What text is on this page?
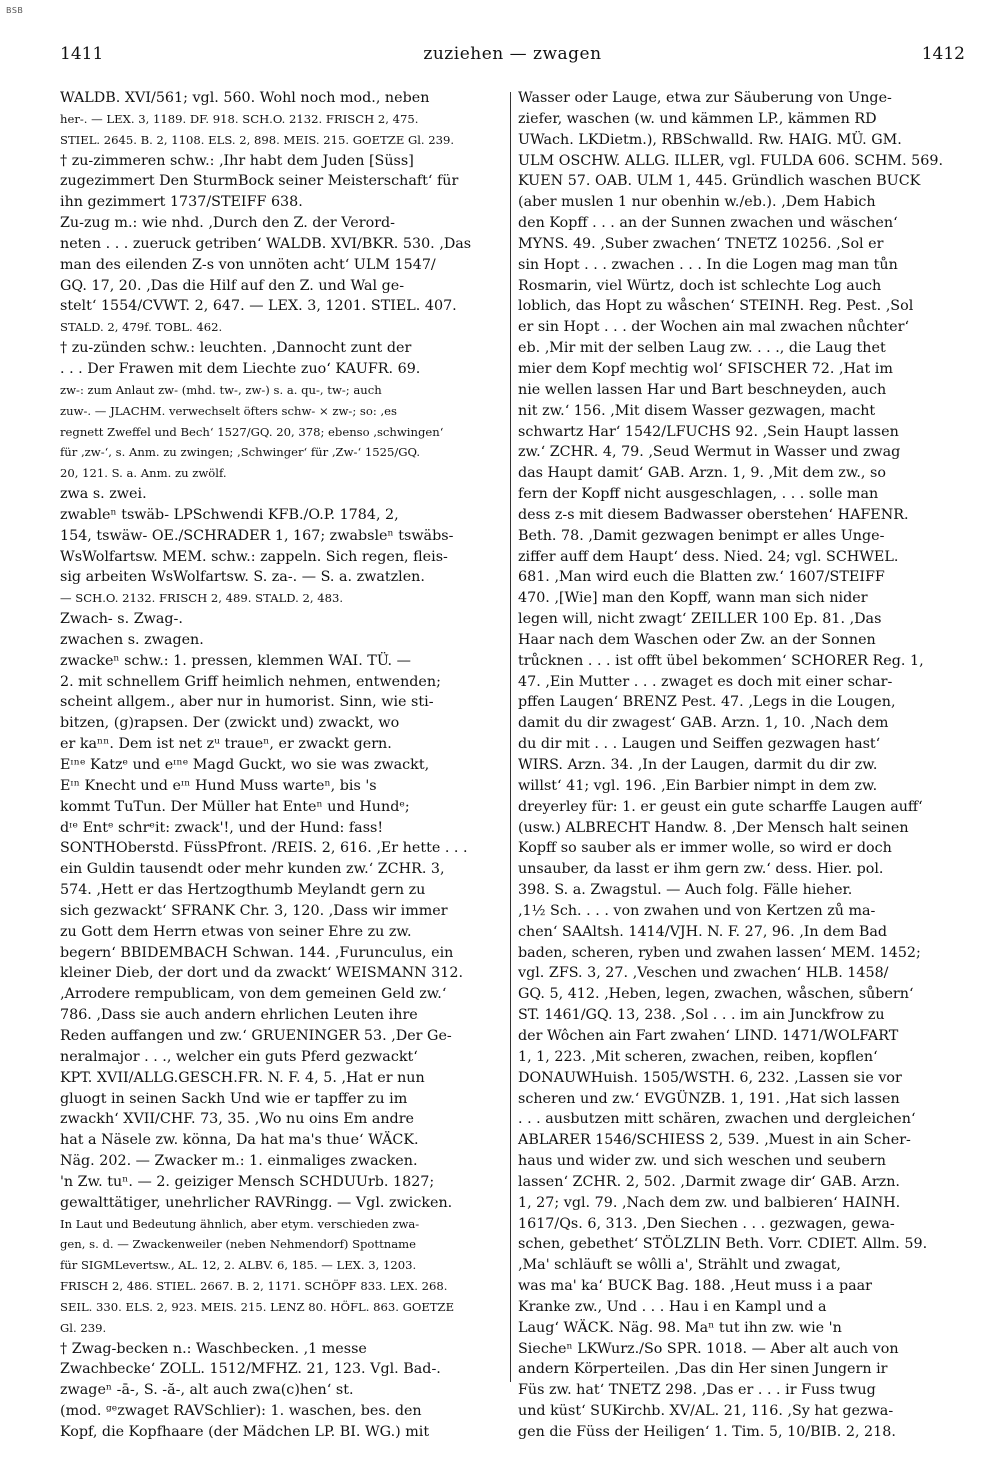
BSB
1411	zuziehen — zwagen	1412
WALDB. XVI/561; vgl. 560. Wohl noch mod., neben
her-. — LEX. 3, 1189. DF. 918. SCH.O. 2132. FRISCH 2, 475.
STIEL. 2645. B. 2, 1108. ELS. 2, 898. MEIS. 215. GOETZE Gl. 239.
† zu-zimmeren schw.: ‚Ihr habt dem Juden [Süss]
zugezimmert Den SturmBock seiner Meisterschaft‘ für
ihn gezimmert 1737/STEIFF 638.
Zu-zug m.: wie nhd. ‚Durch den Z. der Verord-
neten . . . zueruck getriben‘ WALDB. XVI/BKR. 530. ‚Das
man des eilenden Z-s von unnöten acht‘ ULM 1547/
GQ. 17, 20. ‚Das die Hilf auf den Z. und Wal ge-
stelt‘ 1554/CVWT. 2, 647. — LEX. 3, 1201. STIEL. 407.
STALD. 2, 479f. TOBL. 462.
† zu-zünden schw.: leuchten. ‚Dannocht zunt der
. . . Der Frawen mit dem Liechte zuo‘ KAUFR. 69.
zw-: zum Anlaut zw- (mhd. tw-, zw-) s. a. qu-, tw-; auch
zuw-. — JLACHM. verwechselt öfters schw- × zw-; so: ‚es
regnett Zweffel und Bech‘ 1527/GQ. 20, 378; ebenso ‚schwingen‘
für ‚zw-‘, s. Anm. zu zwingen; ‚Schwinger‘ für ‚Zw-‘ 1525/GQ.
20, 121. S. a. Anm. zu zwölf.
zwa s. zwei.
zwableⁿ tswäb- LPSchwendi KFB./O.P. 1784, 2,
154, tswäw- OE./SCHRADER 1, 167; zwabsleⁿ tswäbs-
WsWolfartsw. MEM. schw.: zappeln. Sich regen, fleis-
sig arbeiten WsWolfartsw. S. za-. — S. a. zwatzlen.
— SCH.O. 2132. FRISCH 2, 489. STALD. 2, 483.
Zwach- s. Zwag-.
zwachen s. zwagen.
zwackeⁿ schw.: 1. pressen, klemmen WAI. TÜ. —
2. mit schnellem Griff heimlich nehmen, entwenden;
scheint allgem., aber nur in humorist. Sinn, wie sti-
bitzen, (g)rapsen. Der (zwickt und) zwackt, wo
er kaⁿⁿ. Dem ist net zᵘ traueⁿ, er zwackt gern.
Eᶦⁿᵉ Katzᵉ und eᶦⁿᵉ Magd Guckt, wo sie was zwackt,
Eᶦⁿ Knecht und eᶦⁿ Hund Muss warteⁿ, bis 's
kommt TuTun. Der Müller hat Enteⁿ und Hundᵉ;
dᶦᵉ Entᵉ schrᵉit: zwack'!, und der Hund: fass!
SONTHOberstd. FüssPfront. /REIS. 2, 616. ‚Er hette . . .
ein Guldin tausendt oder mehr kunden zw.‘ ZCHR. 3,
574. ‚Hett er das Hertzogthumb Meylandt gern zu
sich gezwackt‘ SFRANK Chr. 3, 120. ‚Dass wir immer
zu Gott dem Herrn etwas von seiner Ehre zu zw.
begern‘ BBIDEMBACH Schwan. 144. ‚Furunculus, ein
kleiner Dieb, der dort und da zwackt‘ WEISMANN 312.
‚Arrodere rempublicam, von dem gemeinen Geld zw.‘
786. ‚Dass sie auch andern ehrlichen Leuten ihre
Reden auffangen und zw.‘ GRUENINGER 53. ‚Der Ge-
neralmajor . . ., welcher ein guts Pferd gezwackt‘
KPT. XVII/ALLG.GESCH.FR. N. F. 4, 5. ‚Hat er nun
gluogt in seinen Sackh Und wie er tapffer zu im
zwackh‘ XVII/CHF. 73, 35. ‚Wo nu oins Em andre
hat a Näsele zw. könna, Da hat ma's thue‘ WÄCK.
Näg. 202. — Zwacker m.: 1. einmaliges zwacken.
'n Zw. tuⁿ. — 2. geiziger Mensch SCHDUUrb. 1827;
gewalttätiger, unehrlicher RAVRingg. — Vgl. zwicken.
In Laut und Bedeutung ähnlich, aber etym. verschieden zwa-
gen, s. d. — Zwackenweiler (neben Nehmendorf) Spottname
für SIGMLevertsw., AL. 12, 2. ALBV. 6, 185. — LEX. 3, 1203.
FRISCH 2, 486. STIEL. 2667. B. 2, 1171. SCHÖPF 833. LEX. 268.
SEIL. 330. ELS. 2, 923. MEIS. 215. LENZ 80. HÖFL. 863. GOETZE
Gl. 239.
† Zwag-becken n.: Waschbecken. ‚1 messe
Zwachbecke‘ ZOLL. 1512/MFHZ. 21, 123. Vgl. Bad-.
zwageⁿ -ā-, S. -ă-, alt auch zwa(c)hen‘ st.
(mod. ᵍᵉzwaget RAVSchlier): 1. waschen, bes. den
Kopf, die Kopfhaare (der Mädchen LP. BI. WG.) mit
Wasser oder Lauge, etwa zur Säuberung von Unge-
ziefer, waschen (w. und kämmen LP., kämmen RD
UWach. LKDietm.), RBSchwalld. Rw. HAIG. MÜ. GM.
ULM OSCHW. ALLG. ILLER, vgl. FULDA 606. SCHM. 569.
KUEN 57. OAB. ULM 1, 445. Gründlich waschen BUCK
(aber muslen 1 nur obenhin w./eb.). ‚Dem Habich
den Kopff . . . an der Sunnen zwachen und wäschen‘
MYNS. 49. ‚Suber zwachen‘ TNETZ 10256. ‚Sol er
sin Hopt . . . zwachen . . . In die Logen mag man tůn
Rosmarin, viel Würtz, doch ist schlechte Log auch
loblich, das Hopt zu wåschen‘ STEINH. Reg. Pest. ‚Sol
er sin Hopt . . . der Wochen ain mal zwachen nůchter‘
eb. ‚Mir mit der selben Laug zw. . . ., die Laug thet
mier dem Kopf mechtig wol‘ SFISCHER 72. ‚Hat im
nie wellen lassen Har und Bart beschneyden, auch
nit zw.‘ 156. ‚Mit disem Wasser gezwagen, macht
schwartz Har‘ 1542/LFUCHS 92. ‚Sein Haupt lassen
zw.‘ ZCHR. 4, 79. ‚Seud Wermut in Wasser und zwag
das Haupt damit‘ GAB. Arzn. 1, 9. ‚Mit dem zw., so
fern der Kopff nicht ausgeschlagen, . . . solle man
dess z-s mit diesem Badwasser oberstehen‘ HAFENR.
Beth. 78. ‚Damit gezwagen benimpt er alles Unge-
ziffer auff dem Haupt‘ dess. Nied. 24; vgl. SCHWEL.
681. ‚Man wird euch die Blatten zw.‘ 1607/STEIFF
470. ‚[Wie] man den Kopff, wann man sich nider
legen will, nicht zwagt‘ ZEILLER 100 Ep. 81. ‚Das
Haar nach dem Waschen oder Zw. an der Sonnen
trůcknen . . . ist offt übel bekommen‘ SCHORER Reg. 1,
47. ‚Ein Mutter . . . zwaget es doch mit einer schar-
pffen Laugen‘ BRENZ Pest. 47. ‚Legs in die Lougen,
damit du dir zwagest‘ GAB. Arzn. 1, 10. ‚Nach dem
du dir mit . . . Laugen und Seiffen gezwagen hast‘
WIRS. Arzn. 34. ‚In der Laugen, darmit du dir zw.
willst‘ 41; vgl. 196. ‚Ein Barbier nimpt in dem zw.
dreyerley für: 1. er geust ein gute scharffe Laugen auff‘
(usw.) ALBRECHT Handw. 8. ‚Der Mensch halt seinen
Kopff so sauber als er immer wolle, so wird er doch
unsauber, da lasst er ihm gern zw.‘ dess. Hier. pol.
398. S. a. Zwagstul. — Auch folg. Fälle hieher.
‚1½ Sch. . . . von zwahen und von Kertzen zů ma-
chen‘ SAAltsh. 1414/VJH. N. F. 27, 96. ‚In dem Bad
baden, scheren, ryben und zwahen lassen‘ MEM. 1452;
vgl. ZFS. 3, 27. ‚Veschen und zwachen‘ HLB. 1458/
GQ. 5, 412. ‚Heben, legen, zwachen, wåschen, sůbern‘
ST. 1461/GQ. 13, 238. ‚Sol . . . im ain Junckfrow zu
der Wôchen ain Fart zwahen‘ LIND. 1471/WOLFART
1, 1, 223. ‚Mit scheren, zwachen, reiben, kopflen‘
DONAUWHuish. 1505/WSTH. 6, 232. ‚Lassen sie vor
scheren und zw.‘ EVGÜNZB. 1, 191. ‚Hat sich lassen
. . . ausbutzen mitt schären, zwachen und dergleichen‘
ABLARER 1546/SCHIESS 2, 539. ‚Muest in ain Scher-
haus und wider zw. und sich weschen und seubern
lassen‘ ZCHR. 2, 502. ‚Darmit zwage dir‘ GAB. Arzn.
1, 27; vgl. 79. ‚Nach dem zw. und balbieren‘ HAINH.
1617/Qs. 6, 313. ‚Den Siechen . . . gezwagen, gewa-
schen, gebethet‘ STÖLZLIN Beth. Vorr. CDIET. Allm. 59.
‚Ma' schläuft se wôlli a', Strählt und zwagat,
was ma' ka‘ BUCK Bag. 188. ‚Heut muss i a paar
Kranke zw., Und . . . Hau i en Kampl und a
Laug‘ WÄCK. Näg. 98. Maⁿ tut ihn zw. wie 'n
Siecheⁿ LKWurz./So SPR. 1018. — Aber alt auch von
andern Körperteilen. ‚Das din Her sinen Jungern ir
Füs zw. hat‘ TNETZ 298. ‚Das er . . . ir Fuss twug
und küst‘ SUKirchb. XV/AL. 21, 116. ‚Sy hat gezwa-
gen die Füss der Heiligen‘ 1. Tim. 5, 10/BIB. 2, 218.
